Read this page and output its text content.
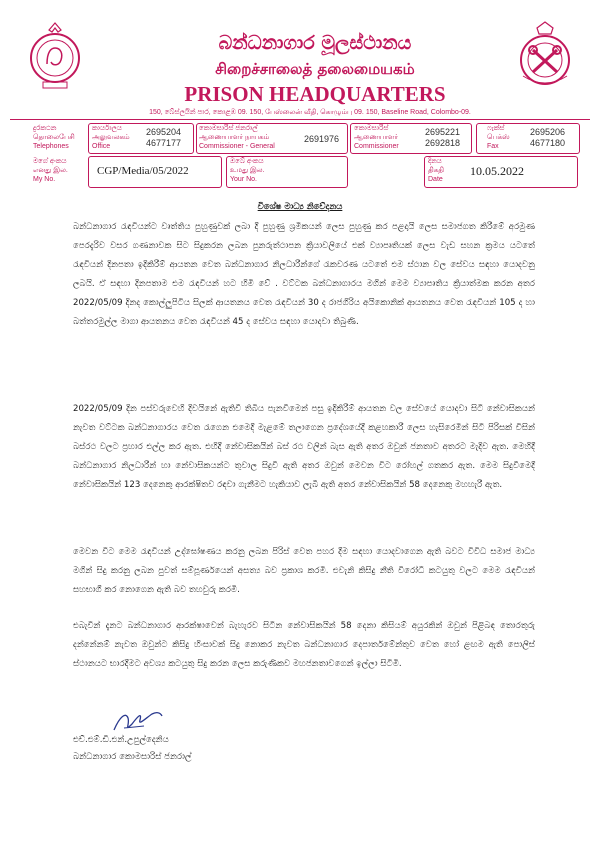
බන්ධනාගාර මූලස්ථානය
சிறைச்சாலைத் தலைமையகம்
PRISON HEADQUARTERS
150, බේස්ලයින් පාර, කොළඹ 09. 150, பேஸ்லைன் வீதி, கொழும்பு 09. 150, Baseline Road, Colombo-09.
දුරකථන
தொலைபேசி
Telephones
කාර්යාලය
அலுவலகம்
Office
2695204
4677177
කොමසාරිස් ජනරාල්
ஆணையாளர் நாயகம்
Commissioner - General
2691976
කොමසාරිස්
ஆணையாளர்
Commissioner
2695221
2692818
ෆැක්ස්
பெக்ஸ்
Fax
2695206
4677180
මගේ අංකය
எனது இல.
My No.
CGP/Media/05/2022
ඔබේ අංකය
உமது இல.
Your No.
දිනය
திகதி
Date
10.05.2022
විශේෂ මාධ්‍ය නිවේදනය
බන්ධනාගාර රැඳවියන්ට වෘත්තිය පුහුණුවක් ලබා දී පුහුණු ශ්‍රමිකයන් ලෙස පුහුණු කර පළදායි ලෙස සමාජගත කිරීමේ අරමුණ පෙරදැරිව වසර ගණනාවක සිට සිදුකරන ලබන පුනරුත්ථාපන ක්‍රියාවලියේ එක් ව්‍යාපෘතියක් ලෙස වැඩ සහන ක්‍රමය යටතේ රැඳවියන් දිනපතා ඉදිකිරීම් ආයතන වෙත බන්ධනාගාර නිලධාරීන්ගේ රැකවරණ යටතේ එම ස්ථාන වල සේවය සඳහා යොදවනු ලබයි. ඒ සඳහා දිනපතාම එම රැඳවියන් හට හිමි වේ . වට්ටක බන්ධනාගාරය මගින් මෙම ව්‍යාපෘතිය ක්‍රියාත්මක කරන අතර 2022/05/09 දිනද කොල්ලුපිටිය සිලක් ආයතනය වෙත රැඳවියන් 30 ද රාජගිරිය අයිකොනික් ආයතනය වෙත රැඳවියන් 105 ද හා බත්තරමුල්ල මාගා ආයතනය වෙත රැඳවියන් 45 ද සේවය සඳහා යොදවා තිබුණි.
2022/05/09 දින පස්වරුවෙහි දිවයිනේ ඇතිවී තිබිය පැනවීමෙන් පසු ඉදිකිරීම් ආයතන වල සේවයේ යොදවා සිටි නේවාසිකයන් නැවත වට්ටක බන්ධනාගාරය වෙත රැගෙන එමෙදී මැළමේ තලාගෙන ප්‍රදේශයේදී කළහකාරී ලෙස හැසිරෙමින් සිටි පිරිසක් විසින් බස්රථ වලට ප්‍රහාර එල්ල කර ඇත. එහිදී නේවාසිකයින් බස් රථ වලින් බැස ඇති අතර ඔවුන් ජනතාව අතරට මැදිව ඇත. මෙහිදී බන්ධනාගාර නිලධාරීන් හා නේවාසිකයන්ට තුවාල සිදුවී ඇති අතර ඔවුන් මෙවන විට රෝහල් ගතකර ඇත. මෙම සිදුවීමෙදී නේවාසිකයින් 123 දෙනෙකු ආරක්ෂිතව රඳවා ගැනීමට හැකියාව ලැබී ඇති අතර නේවාසිකයින් 58 දෙනෙකු මහහැරී ඇත.
මෙවන විට මෙම රැඳවියන් උද්ඝෝෂණය කරනු ලබන පිරිස් වෙත පහර දීම සඳහා යොදවාගෙන ඇති බවට විවිධ සමාජ මාධ්‍ය මගින් සිදු කරනු ලබන පුවත් සම්පූර්ණයෙන් අසත්‍ය බව ප්‍රකාශ කරමි. එවැනි කිසිදු නීති විරෝධී කටයුතු වලට මෙම රැඳවියන් සහභාගී කර නොගෙන ඇති බව තහවුරු කරමි.
එබැවින් දැනට බන්ධනාගාර ආරක්ෂාවෙන් බැහැරව සිටින නේවාසිකයින් 58 දෙනා කිසියම් අයුරකින් ඔවුන් පිළිබඳ තොරතුරු දන්නේනම් නැවත ඔවුන්ට කිසිදු හිංසාවක් සිදු නොකර නැවත බන්ධනාගාර දෙපාර්තමේන්තුව වෙත හෝ ළඟම ඇති පොලිස් ස්ථානයට භාරදීමට අවශ්‍ය කටයුතු සිදු කරන ලෙස කරුණිකව මහජනතාවගෙන් ඉල්ලා සිටිමි.
එච්.එම්.ඩී.එන්.උපුල්දෙනිය
බන්ධනාගාර කොමසාරිස් ජනරාල්
